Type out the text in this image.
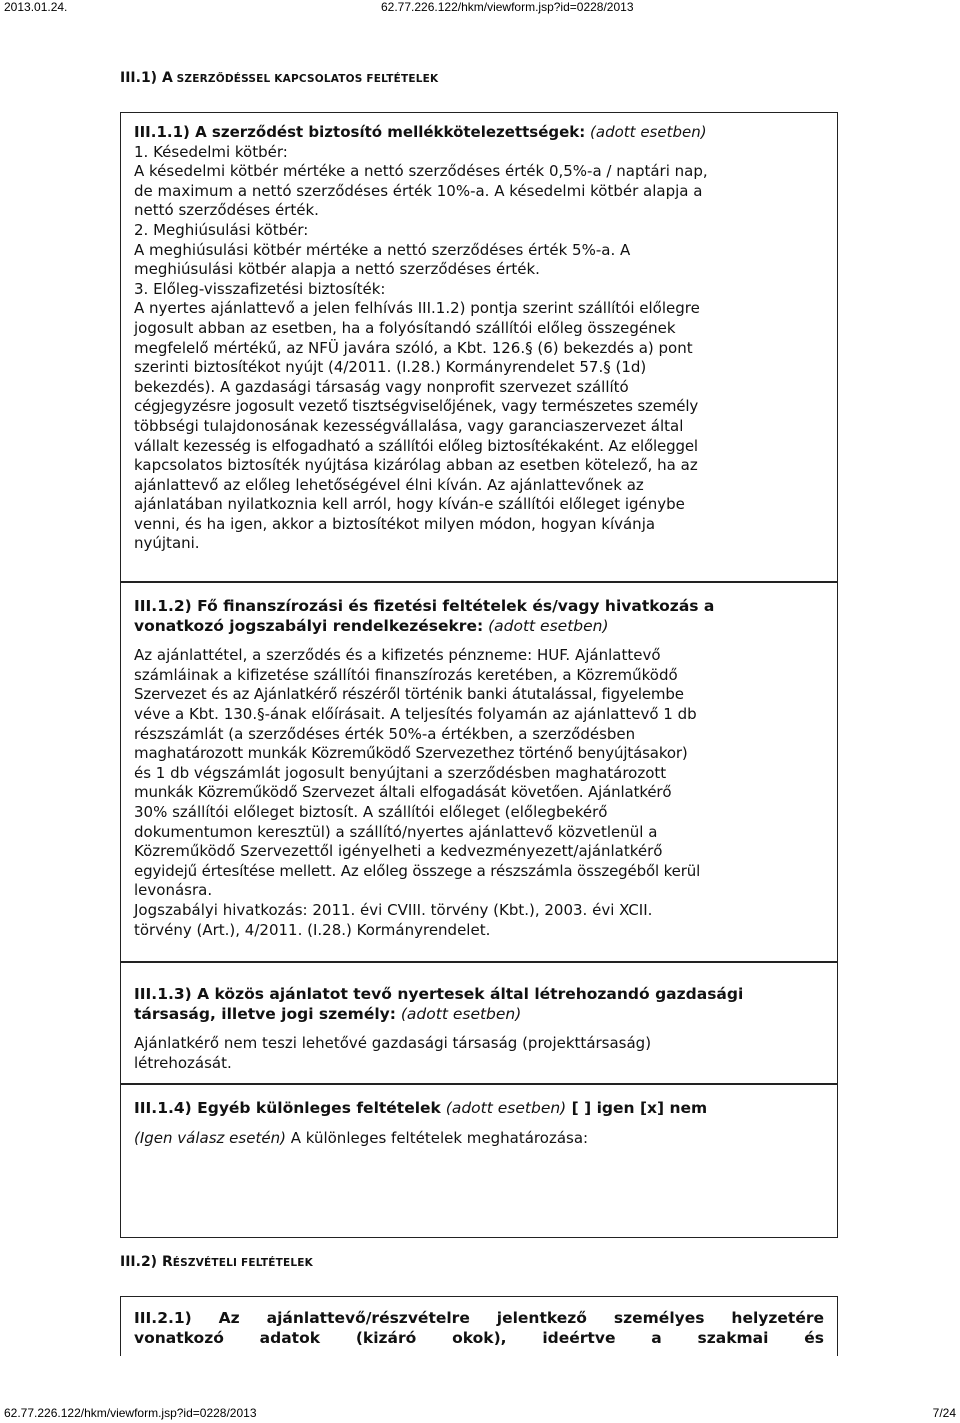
2013.01.24.	62.77.226.122/hkm/viewform.jsp?id=0228/2013
III.1) A SZERZŐDÉSSEL KAPCSOLATOS FELTÉTELEK
III.1.1) A szerződést biztosító mellékkötelezettségek: (adott esetben)
1. Késedelmi kötbér:
A késedelmi kötbér mértéke a nettó szerződéses érték 0,5%-a / naptári nap,
de maximum a nettó szerződéses érték 10%-a. A késedelmi kötbér alapja a
nettó szerződéses érték.
2. Meghiúsulási kötbér:
A meghiúsulási kötbér mértéke a nettó szerződéses érték 5%-a. A
meghiúsulási kötbér alapja a nettó szerződéses érték.
3. Előleg-visszafizetési biztosíték:
A nyertes ajánlattevő a jelen felhívás III.1.2) pontja szerint szállítói előlegre
jogosult abban az esetben, ha a folyósítandó szállítói előleg összegének
megfelelő mértékű, az NFÜ javára szóló, a Kbt. 126.§ (6) bekezdés a) pont
szerinti biztosítékot nyújt (4/2011. (I.28.) Kormányrendelet 57.§ (1d)
bekezdés). A gazdasági társaság vagy nonprofit szervezet szállító
cégjegyzésre jogosult vezető tisztségviselőjének, vagy természetes személy
többségi tulajdonosának kezességvállalása, vagy garanciaszervezet által
vállalt kezesség is elfogadható a szállítói előleg biztosítékaként. Az előleggel
kapcsolatos biztosíték nyújtása kizárólag abban az esetben kötelező, ha az
ajánlattevő az előleg lehetőségével élni kíván. Az ajánlattevőnek az
ajánlatában nyilatkoznia kell arról, hogy kíván-e szállítói előleget igénybe
venni, és ha igen, akkor a biztosítékot milyen módon, hogyan kívánja
nyújtani.
III.1.2) Fő finanszírozási és fizetési feltételek és/vagy hivatkozás a
vonatkozó jogszabályi rendelkezésekre: (adott esetben)
Az ajánlattétel, a szerződés és a kifizetés pénzneme: HUF. Ajánlattevő
számláinak a kifizetése szállítói finanszírozás keretében, a Közreműködő
Szervezet és az Ajánlatkérő részéről történik banki átutalással, figyelembe
véve a Kbt. 130.§-ának előírásait. A teljesítés folyamán az ajánlattevő 1 db
részszámlát (a szerződéses érték 50%-a értékben, a szerződésben
maghatározott munkák Közreműködő Szervezethez történő benyújtásakor)
és 1 db végszámlát jogosult benyújtani a szerződésben maghatározott
munkák Közreműködő Szervezet általi elfogadását követően. Ajánlatkérő
30% szállítói előleget biztosít. A szállítói előleget (előlegbekérő
dokumentumon keresztül) a szállító/nyertes ajánlattevő közvetlenül a
Közreműködő Szervezettől igényelheti a kedvezményezett/ajánlatkérő
egyidejű értesítése mellett. Az előleg összege a részszámla összegéből kerül
levonásra.
Jogszabályi hivatkozás: 2011. évi CVIII. törvény (Kbt.), 2003. évi XCII.
törvény (Art.), 4/2011. (I.28.) Kormányrendelet.
III.1.3) A közös ajánlatot tevő nyertesek által létrehozandó gazdasági
társaság, illetve jogi személy: (adott esetben)
Ajánlatkérő nem teszi lehetővé gazdasági társaság (projekttársaság)
létrehozását.
III.1.4) Egyéb különleges feltételek (adott esetben) [ ] igen [x] nem
(Igen válasz esetén) A különleges feltételek meghatározása:
III.2) RÉSZVÉTELI FELTÉTELEK
III.2.1) Az ajánlattevő/részvételre jelentkező személyes helyzetére
vonatkozó adatok (kizáró okok), ideértve a szakmai és
62.77.226.122/hkm/viewform.jsp?id=0228/2013	7/24
